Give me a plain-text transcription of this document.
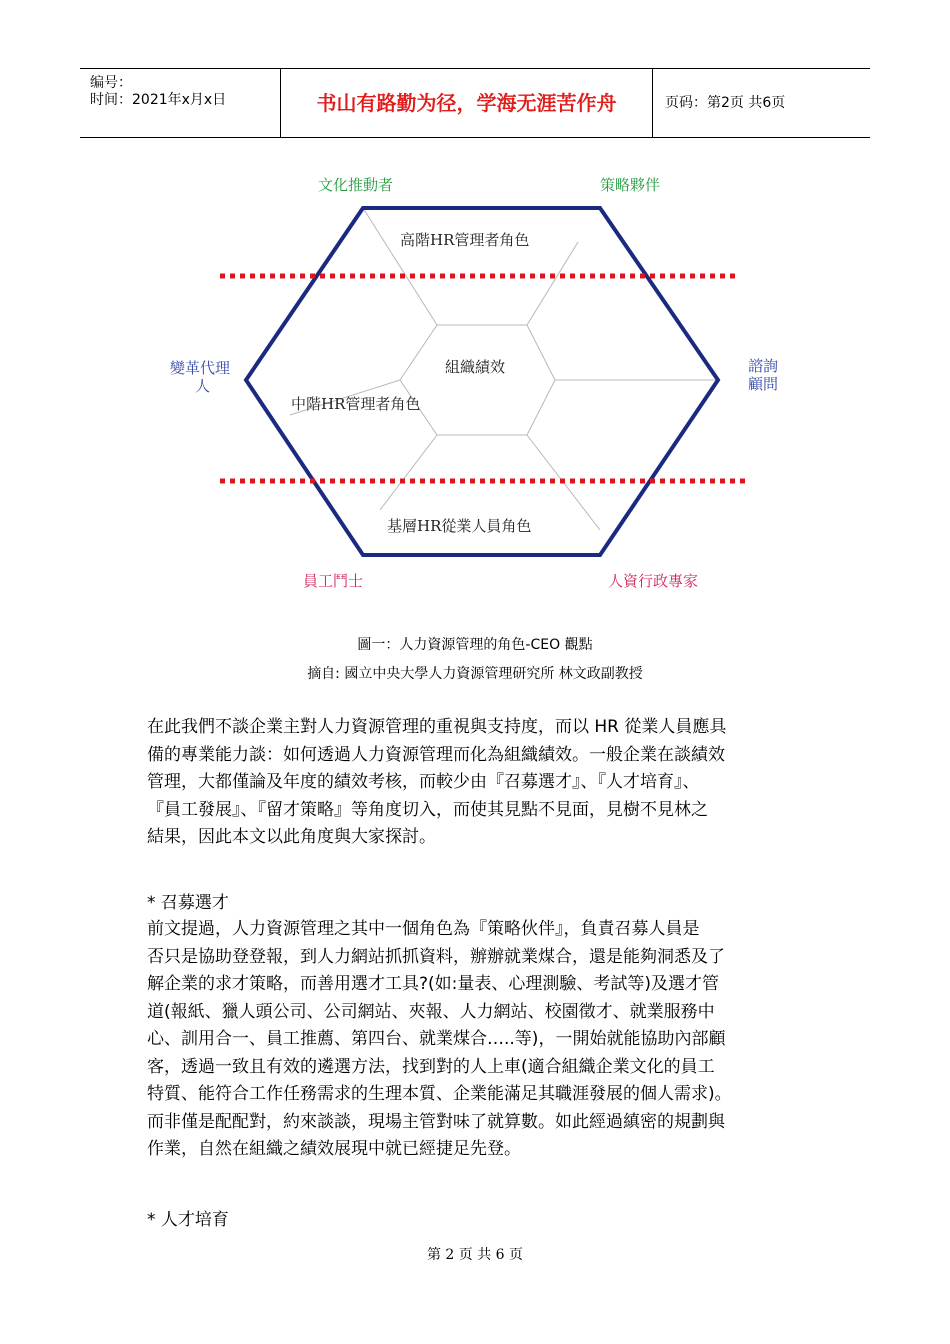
编号：
时间：2021年x月x日	书山有路勤为径，学海无涯苦作舟	页码：第2页 共6页
文化推動者	策略夥伴
變革代理
人
諮詢
顧問
員工鬥士	人資行政專家
高階HR管理者角色
組織績效
中階HR管理者角色
基層HR從業人員角色
圖一：人力資源管理的角色-CEO 觀點
摘自: 國立中央大學人力資源管理研究所 林文政副教授
在此我們不談企業主對人力資源管理的重視與支持度，而以 HR 從業人員應具
備的專業能力談：如何透過人力資源管理而化為組織績效。一般企業在談績效
管理，大都僅論及年度的績效考核，而較少由『召募選才』、『人才培育』、
『員工發展』、『留才策略』等角度切入，而使其見點不見面，見樹不見林之
結果，因此本文以此角度與大家探討。
* 召募選才
前文提過，人力資源管理之其中一個角色為『策略伙伴』，負責召募人員是
否只是協助登登報，到人力網站抓抓資料，辦辦就業煤合，還是能夠洞悉及了
解企業的求才策略，而善用選才工具?(如:量表、心理測驗、考試等)及選才管
道(報紙、獵人頭公司、公司網站、夾報、人力網站、校園徵才、就業服務中
心、訓用合一、員工推薦、第四台、就業煤合…..等)，一開始就能協助內部顧
客，透過一致且有效的遴選方法，找到對的人上車(適合組織企業文化的員工
特質、能符合工作任務需求的生理本質、企業能滿足其職涯發展的個人需求)。
而非僅是配配對，約來談談，現場主管對味了就算數。如此經過縝密的規劃與
作業，自然在組織之績效展現中就已經捷足先登。
* 人才培育
第 2 页 共 6 页
